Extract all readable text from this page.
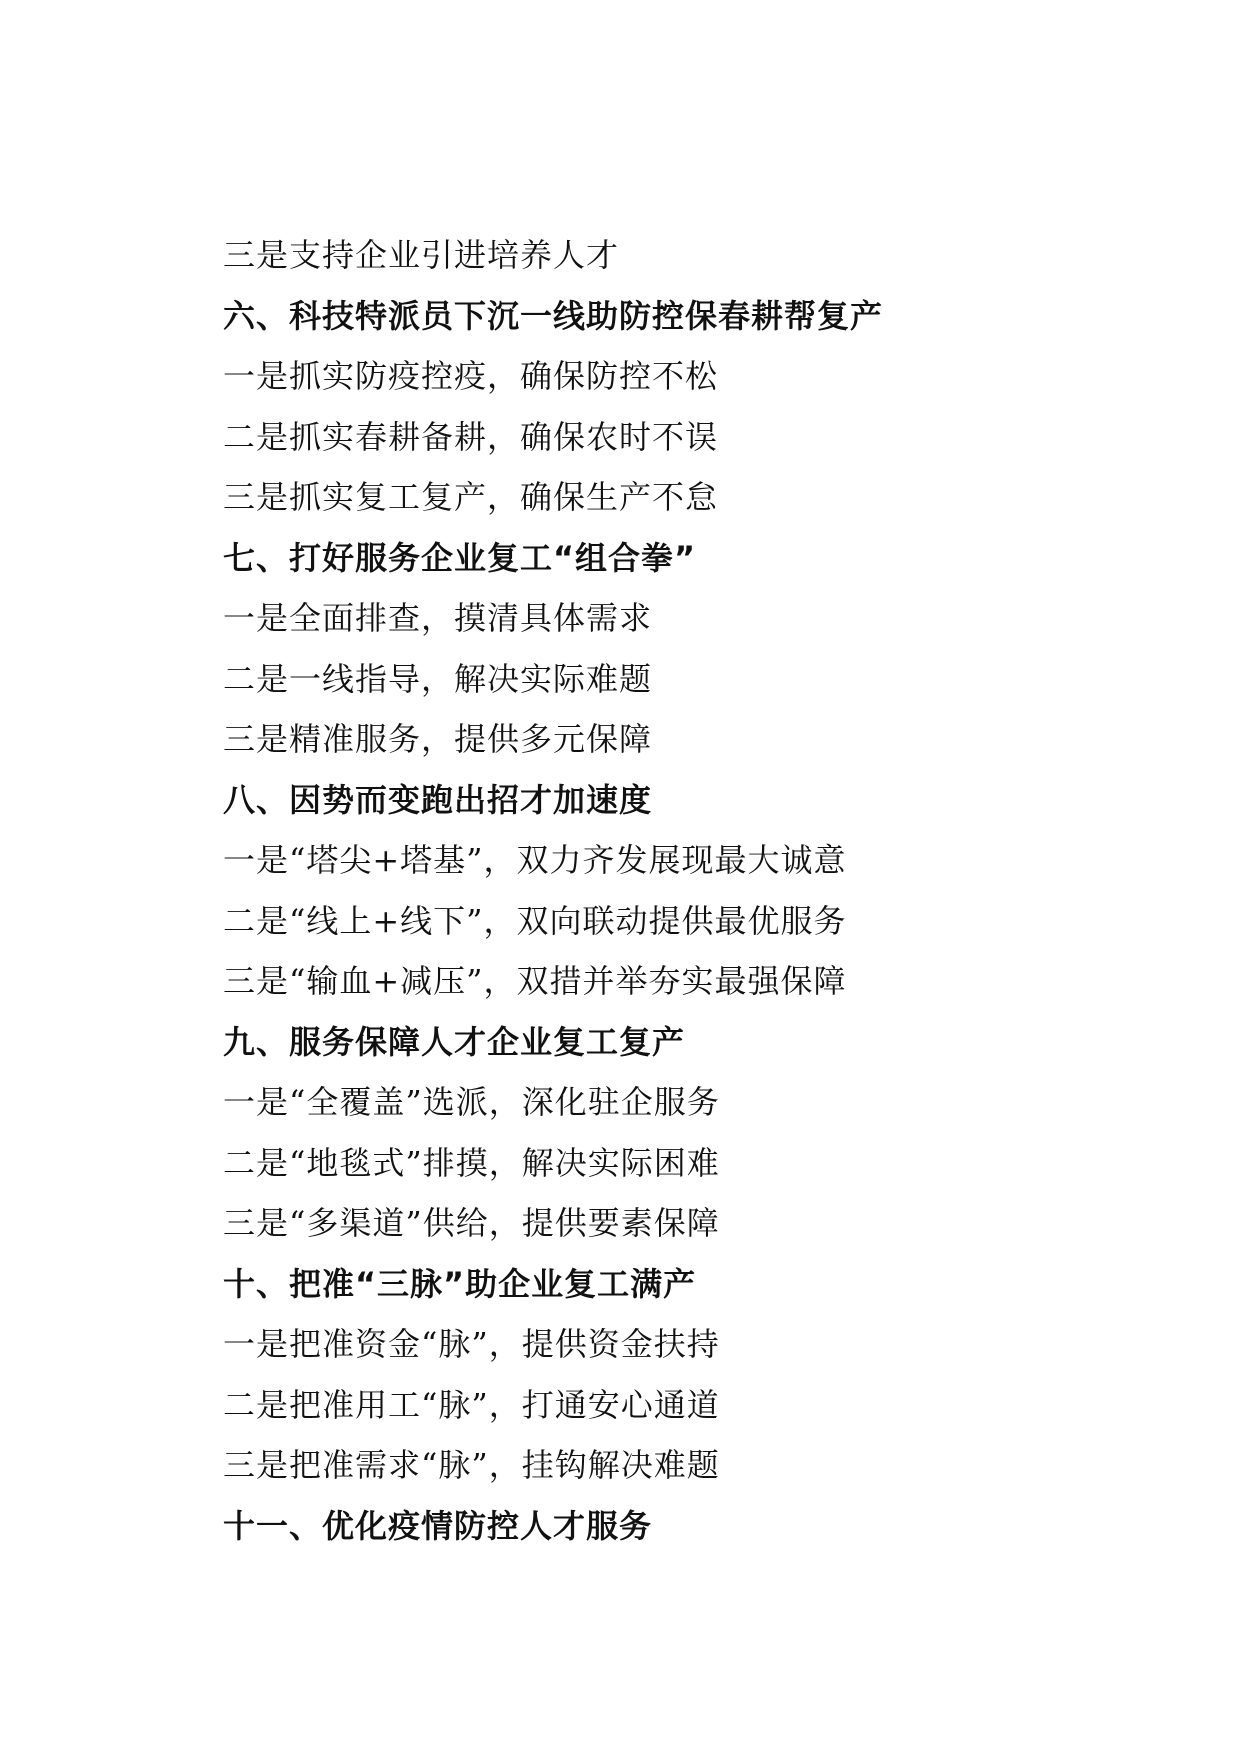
三是支持企业引进培养人才
六、科技特派员下沉一线助防控保春耕帮复产
一是抓实防疫控疫，确保防控不松
二是抓实春耕备耕，确保农时不误
三是抓实复工复产，确保生产不怠
七、打好服务企业复工“组合拳”
一是全面排查，摸清具体需求
二是一线指导，解决实际难题
三是精准服务，提供多元保障
八、因势而变跑出招才加速度
一是“塔尖+塔基”，双力齐发展现最大诚意
二是“线上+线下”，双向联动提供最优服务
三是“输血+减压”，双措并举夯实最强保障
九、服务保障人才企业复工复产
一是“全覆盖”选派，深化驻企服务
二是“地毯式”排摸，解决实际困难
三是“多渠道”供给，提供要素保障
十、把准“三脉”助企业复工满产
一是把准资金“脉”，提供资金扶持
二是把准用工“脉”，打通安心通道
三是把准需求“脉”，挂钩解决难题
十一、优化疫情防控人才服务
